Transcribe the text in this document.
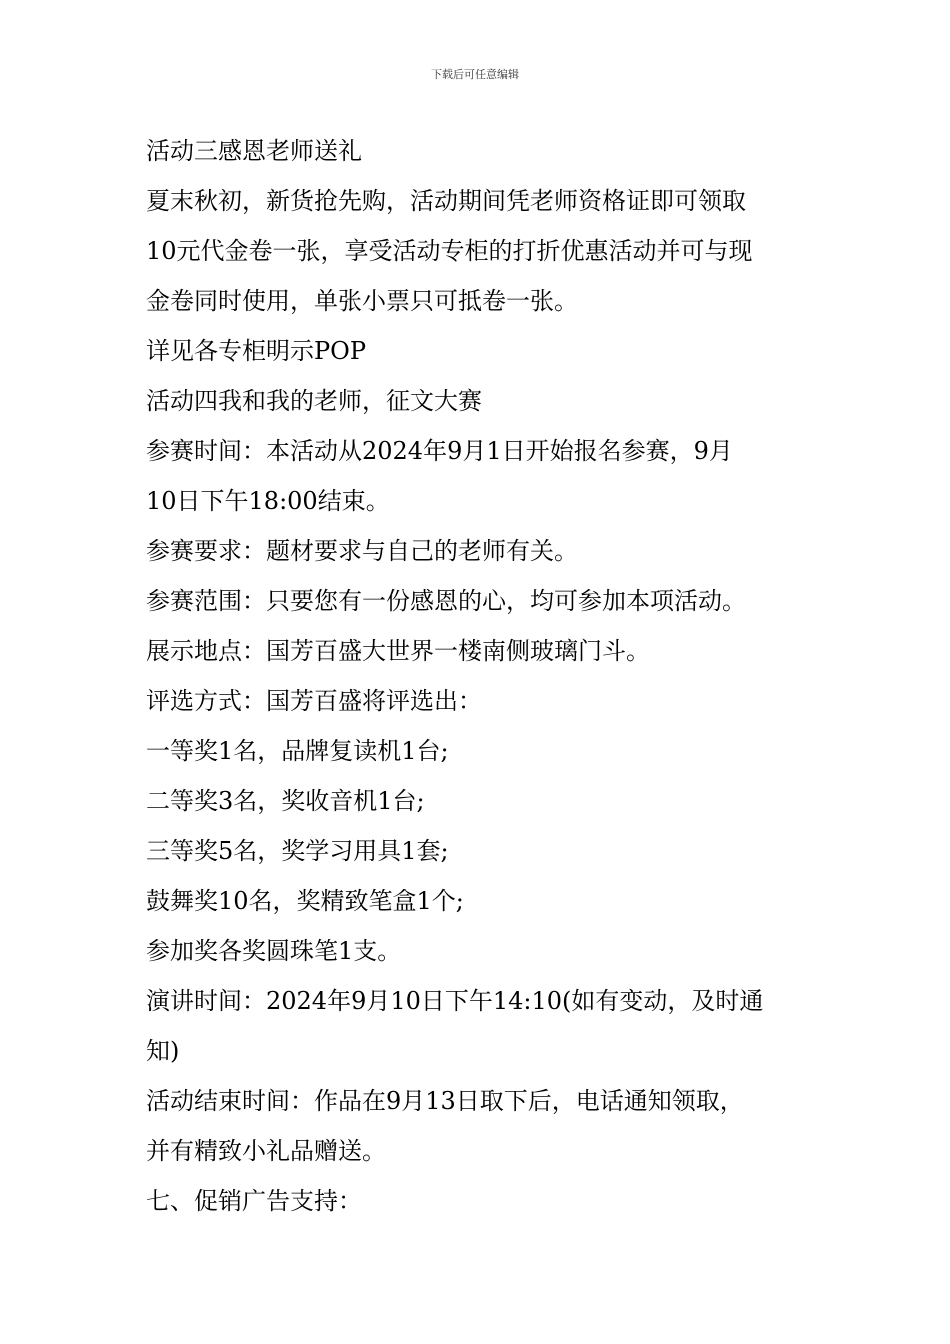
下载后可任意编辑

活动三感恩老师送礼

夏末秋初，新货抢先购，活动期间凭老师资格证即可领取

10元代金卷一张，享受活动专柜的打折优惠活动并可与现

金卷同时使用，单张小票只可抵卷一张。

详见各专柜明示POP

活动四我和我的老师，征文大赛

参赛时间：本活动从2024年9月1日开始报名参赛，9月

10日下午18:00结束。

参赛要求：题材要求与自己的老师有关。

参赛范围：只要您有一份感恩的心，均可参加本项活动。

展示地点：国芳百盛大世界一楼南侧玻璃门斗。

评选方式：国芳百盛将评选出：

一等奖1名，品牌复读机1台;

二等奖3名，奖收音机1台;

三等奖5名，奖学习用具1套;

鼓舞奖10名，奖精致笔盒1个;

参加奖各奖圆珠笔1支。

演讲时间：2024年9月10日下午14:10(如有变动，及时通

知)

活动结束时间：作品在9月13日取下后，电话通知领取，

并有精致小礼品赠送。

七、促销广告支持：
